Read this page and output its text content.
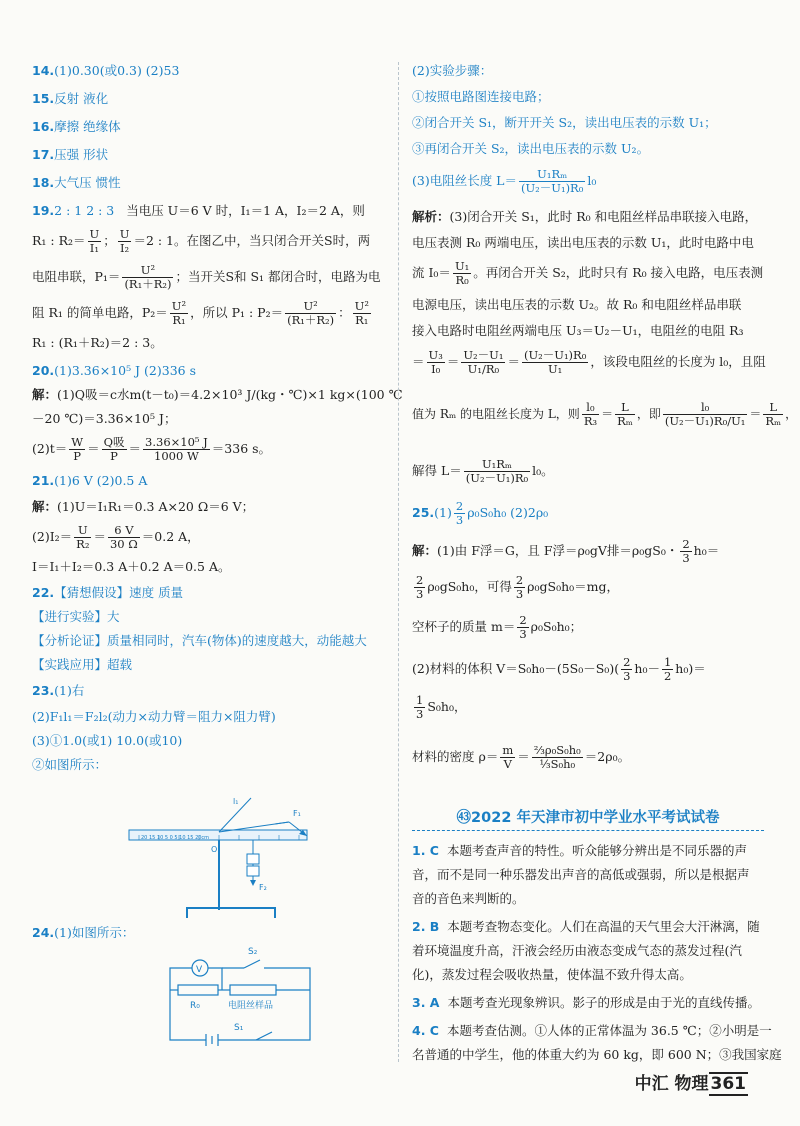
14.(1)0.30(或0.3) (2)53
15.反射 液化
16.摩擦 绝缘体
17.压强 形状
18.大气压 惯性
19.2 : 1 2 : 3 当电压 U＝6 V 时，I₁＝1 A，I₂＝2 A，则
R₁ : $R_2= \frac{U}{\text{I₁}}$ ； $\frac{U}{\text{I₂}} =2$ : 1。在图乙中，当只闭合开关S时，两
电阻串联，$P_1= \frac{\text{U²}}{\text{(R₁＋R₂)}}$ ；当开关S和 S₁ 都闭合时，电路为电
阻 R₁ 的简单电路，$P_2= \frac{\text{U²}}{\text{R₁}}$ ，所以 P₁ : $P_2= \frac{\text{U²}}{\text{(R₁＋R₂)}}$ ： $\frac{\text{U²}}{\text{R₁}}$
R₁ : (R₁＋R₂)＝2 : 3。
20.(1)3.36×10⁵ J (2)336 s
解：(1)Q吸＝c水m(t－t₀)＝4.2×10³ J/(kg・℃)×1 kg×(100 ℃
－20 ℃)＝3.36×10⁵ J；
$(2)t= \frac{W}{P} = \frac{\text{Q吸}}{P} = \frac{\text{3.36×10⁵ J}}{1000 W} =336$ s。
21.(1)6 V (2)0.5 A
解：(1)U＝I₁R₁＝0.3 A×20 Ω＝6 V；
$(2)I_2= \frac{U}{\text{R₂}} = \frac{6 V}{30 \Omega} =0.2$ A，
I＝I₁＋I₂＝0.3 A＋0.2 A＝0.5 A。
22.【猜想假设】速度 质量
【进行实验】大
【分析论证】质量相同时，汽车(物体)的速度越大，动能越大
【实践应用】超载
23.(1)右
(2)F₁l₁＝F₂l₂(动力×动力臂＝阻力×阻力臂)
(3)①1.0(或1) 10.0(或10)
②如图所示：
24.(1)如图所示：
20 15 10 5 0 5 10 15 20cm
l₁
F₁
O
F₂
V
S₂
R₀	电阻丝样品
S₁
(2)实验步骤：
①按照电路图连接电路；
②闭合开关 S₁，断开开关 S₂，读出电压表的示数 U₁；
③再闭合开关 S₂，读出电压表的示数 U₂。
(3)电阻丝长度 $L= \frac{\text{U₁Rₘ}}{\text{(U₂－U₁)R₀}} l_0$
解析：(3)闭合开关 S₁，此时 R₀ 和电阻丝样品串联接入电路，
电压表测 R₀ 两端电压，读出电压表的示数 U₁，此时电路中电
流 $I_0= \frac{\text{U₁}}{\text{R₀}}$ 。再闭合开关 S₂，此时只有 R₀ 接入电路，电压表测
电源电压，读出电压表的示数 U₂。故 R₀ 和电阻丝样品串联
接入电路时电阻丝两端电压 U₃＝U₂－U₁，电阻丝的电阻 R₃
＝ $\frac{\text{U₃}}{\text{I₀}} = \frac{\text{U₂－U₁}}{\text{U₁/R₀}} = \frac{\text{(U₂－U₁)R₀}}{\text{U₁}}$ ，该段电阻丝的长度为 l₀，且阻
值为 Rₘ 的电阻丝长度为 L，则 $\frac{\text{l₀}}{\text{R₃}} = \frac{L}{\text{Rₘ}}$ ，即 $\frac{\text{l₀}}{\text{(U₂－U₁)R₀/U₁}} = \frac{L}{\text{Rₘ}}$ ，
解得 $L= \frac{\text{U₁Rₘ}}{\text{(U₂－U₁)R₀}} l_0$。
$25.(1) \frac{2}{3} \rho_0S_0h_0$ (2)2ρ₀
解：(1)由 F浮＝G，且 F浮＝ρ₀gV排＝ρ₀gS₀・ $\frac{2}{3} h_0=$
$\frac{2}{3} \rho_0gS_0h_0$，可得 $\frac{2}{3} \rho_0gS_0h_0=mg$，
空杯子的质量 $m= \frac{2}{3} \rho_0S_0h_0$；
(2)材料的体积 $V=S_0h_0-(5S_0-S_0)( \frac{2}{3} h_0- \frac{1}{2} h_0)=$
$\frac{1}{3} S_0h_0$，
材料的密度 $\rho= \frac{m}{V} = \frac{\text{⅔ρ₀S₀h₀}}{\text{⅓S₀h₀}} =2\rho_0$。
㊸2022 年天津市初中学业水平考试试卷
1. C 本题考查声音的特性。听众能够分辨出是不同乐器的声
音，而不是同一种乐器发出声音的高低或强弱，所以是根据声
音的音色来判断的。
2. B 本题考查物态变化。人们在高温的天气里会大汗淋漓，随
着环境温度升高，汗液会经历由液态变成气态的蒸发过程(汽
化)，蒸发过程会吸收热量，使体温不致升得太高。
3. A 本题考查光现象辨识。影子的形成是由于光的直线传播。
4. C 本题考查估测。①人体的正常体温为 36.5 ℃；②小明是一
名普通的中学生，他的体重大约为 60 kg，即 600 N；③我国家庭
中汇 物理 361
